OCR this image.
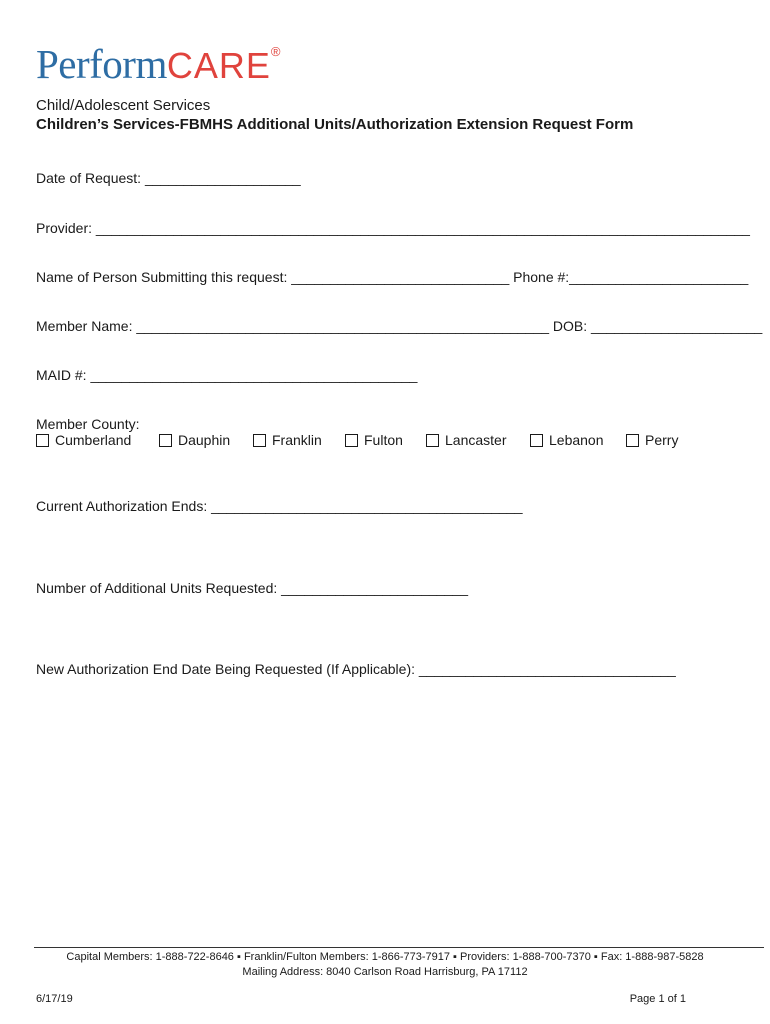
PerformCARE®
Child/Adolescent Services
Children’s Services-FBMHS Additional Units/Authorization Extension Request Form
Date of Request: ____________________
Provider: ____________________________________________________________________________________
Name of Person Submitting this request: ____________________________ Phone #:_______________________
Member Name: _____________________________________________________ DOB: ______________________
MAID #: __________________________________________
Member County:
Cumberland	Dauphin	Franklin	Fulton	Lancaster	Lebanon	Perry
Current Authorization Ends: ________________________________________
Number of Additional Units Requested: ________________________
New Authorization End Date Being Requested (If Applicable): _________________________________
Capital Members: 1-888-722-8646 ▪ Franklin/Fulton Members: 1-866-773-7917 ▪ Providers: 1-888-700-7370 ▪ Fax: 1-888-987-5828
Mailing Address: 8040 Carlson Road Harrisburg, PA 17112
6/17/19	Page 1 of 1
